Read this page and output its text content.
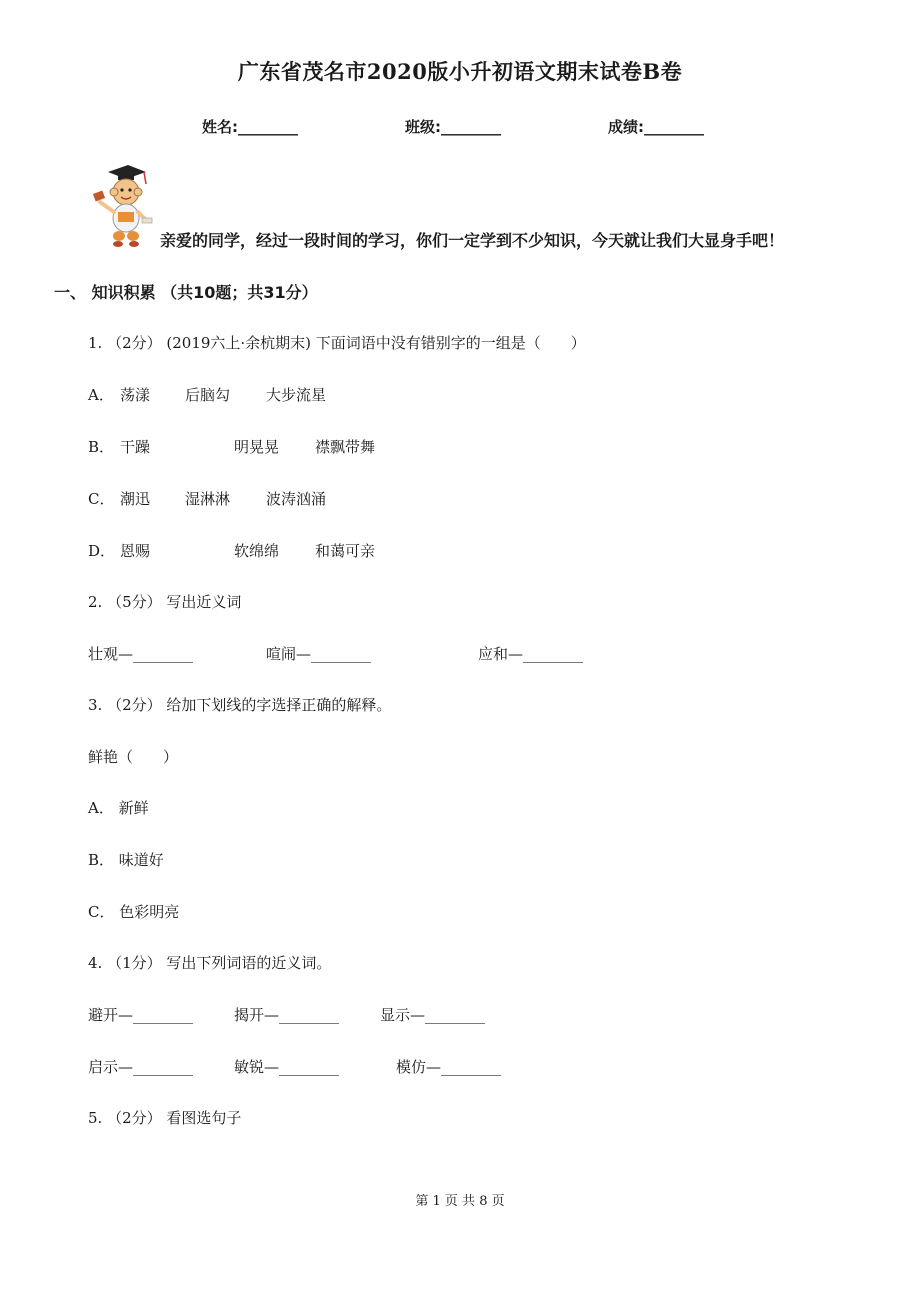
广东省茂名市2020版小升初语文期末试卷B卷
姓名:________	班级:________	成绩:________
亲爱的同学，经过一段时间的学习，你们一定学到不少知识，今天就让我们大显身手吧！
一、 知识积累 （共10题；共31分）
1. （2分） (2019六上·余杭期末) 下面词语中没有错别字的一组是（　　）
A． 荡漾 后脑勾 大步流星
B． 干躁	明晃晃 襟飘带舞
C． 潮迅 湿淋淋 波涛汹涌
D． 恩赐	软绵绵 和蔼可亲
2. （5分） 写出近义词
壮观—________	喧闹—________	应和—________
3. （2分） 给加下划线的字选择正确的解释。
鲜艳（　　）
A． 新鲜
B． 味道好
C． 色彩明亮
4. （1分） 写出下列词语的近义词。
避开—________	揭开—________	显示—________
启示—________	敏锐—________	模仿—________
5. （2分） 看图选句子
第 1 页 共 8 页
